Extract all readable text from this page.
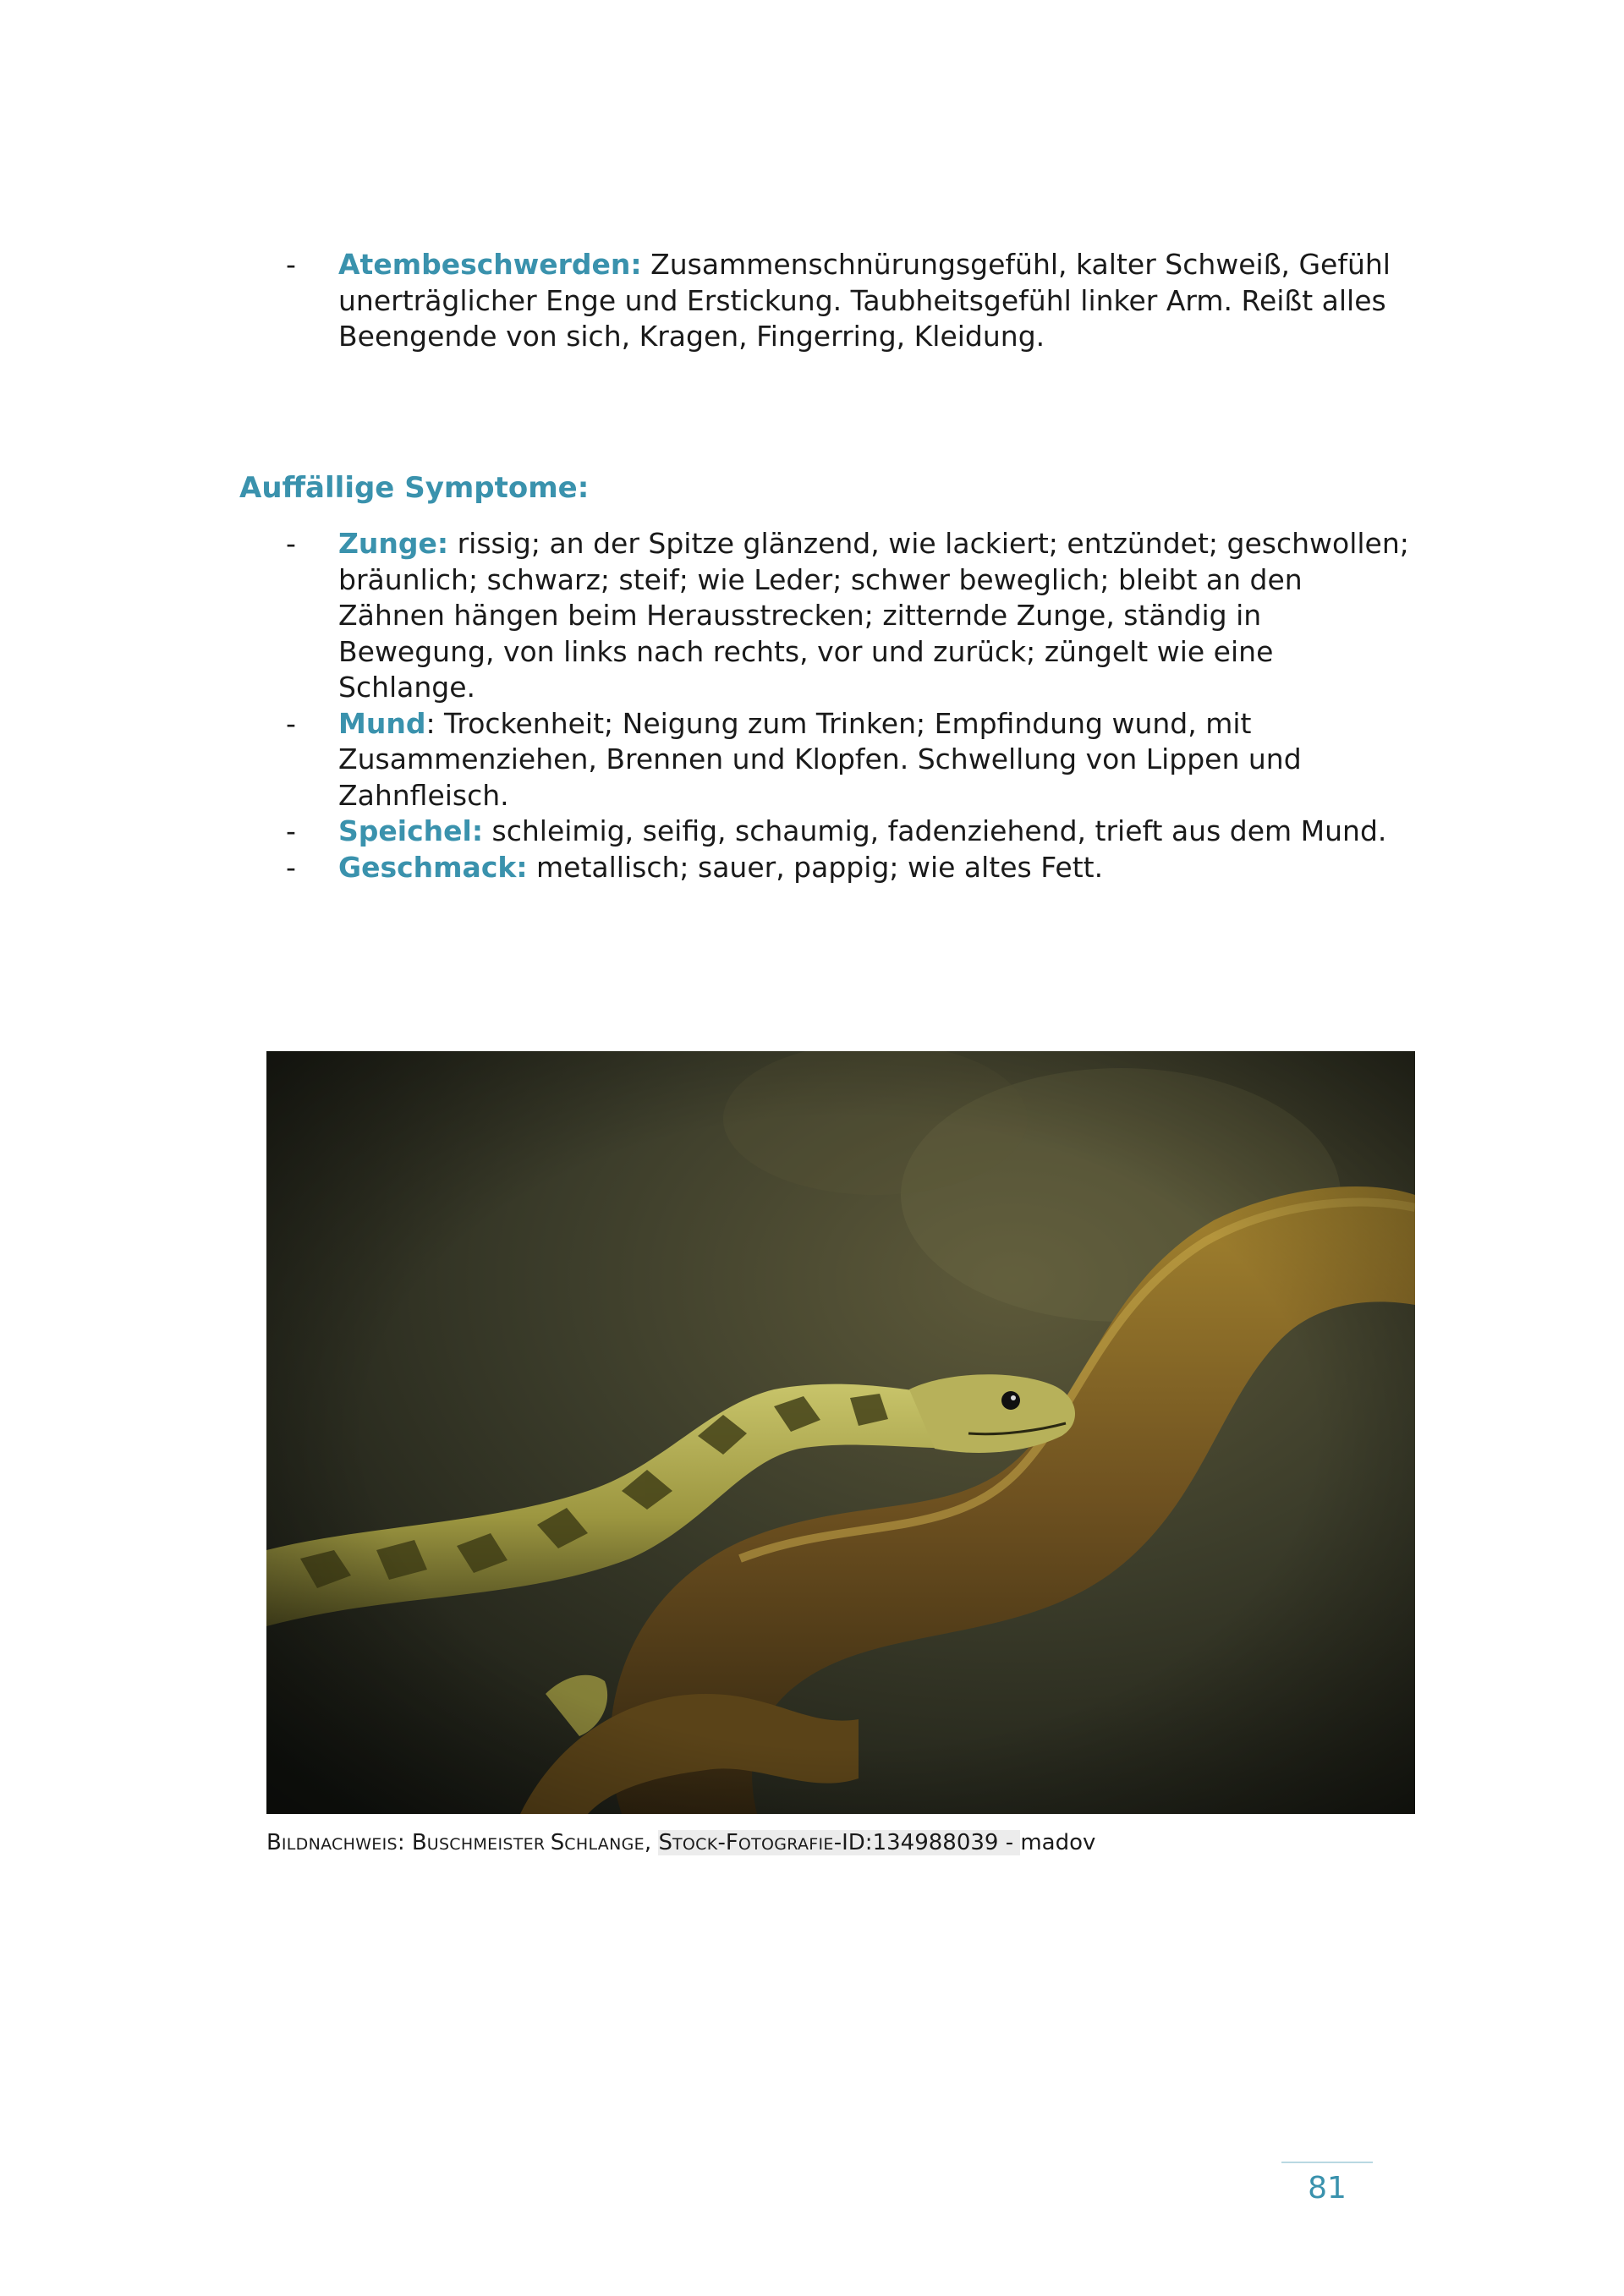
- Atembeschwerden: Zusammenschnürungsgefühl, kalter Schweiß, Gefühl unerträglicher Enge und Erstickung. Taubheitsgefühl linker Arm. Reißt alles Beengende von sich, Kragen, Fingerring, Kleidung.
Auffällige Symptome:
- Zunge: rissig; an der Spitze glänzend, wie lackiert; entzündet; geschwollen; bräunlich; schwarz; steif; wie Leder; schwer beweglich; bleibt an den Zähnen hängen beim Herausstrecken; zitternde Zunge, ständig in Bewegung, von links nach rechts, vor und zurück; züngelt wie eine Schlange.
- Mund: Trockenheit; Neigung zum Trinken; Empfindung wund, mit Zusammenziehen, Brennen und Klopfen. Schwellung von Lippen und Zahnfleisch.
- Speichel: schleimig, seifig, schaumig, fadenziehend, trieft aus dem Mund.
- Geschmack: metallisch; sauer, pappig; wie altes Fett.
BILDNACHWEIS: BUSCHMEISTER SCHLANGE, STOCK-FOTOGRAFIE-ID:134988039 - madov
81
